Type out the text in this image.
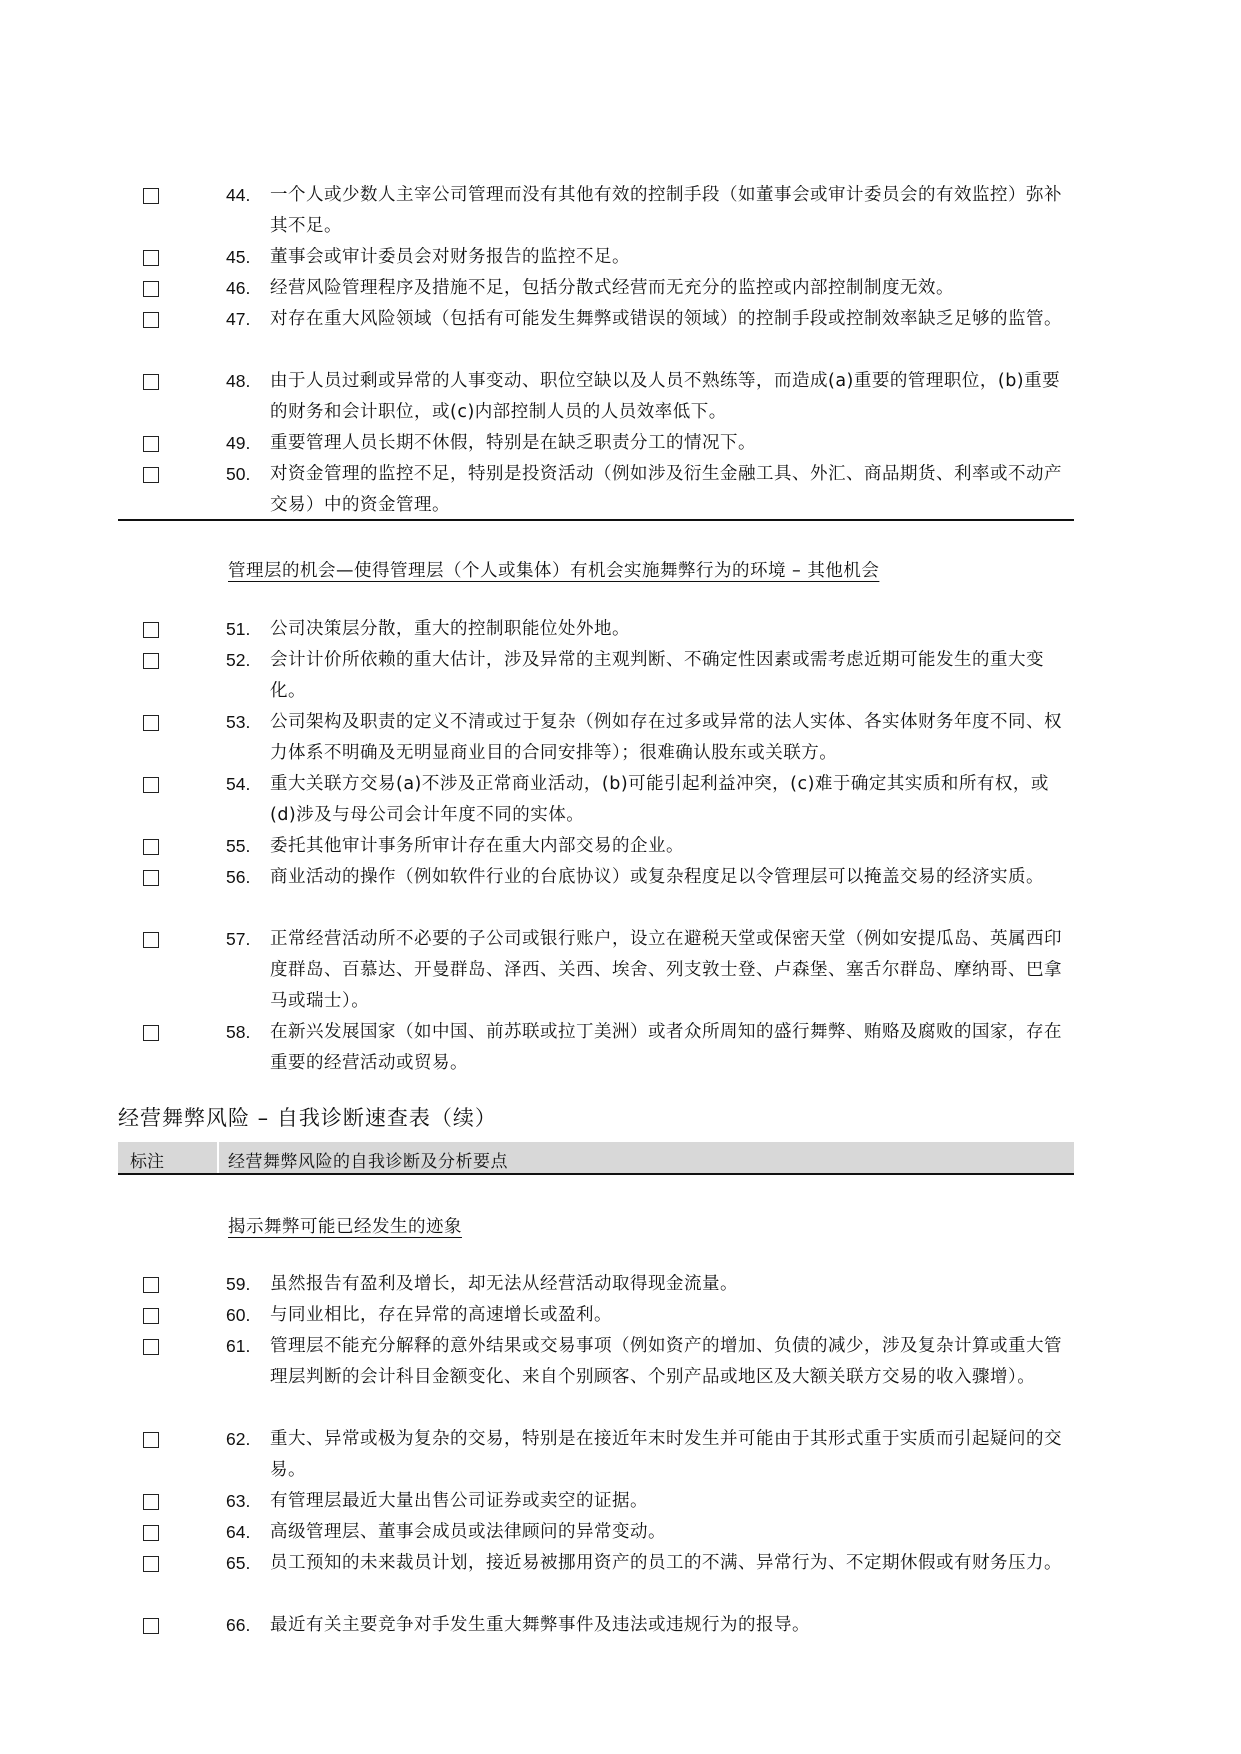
44.	一个人或少数人主宰公司管理而没有其他有效的控制手段（如董事会或审计委员会的有效监控）弥补其不足。
45.	董事会或审计委员会对财务报告的监控不足。
46.	经营风险管理程序及措施不足，包括分散式经营而无充分的监控或内部控制制度无效。
47.	对存在重大风险领域（包括有可能发生舞弊或错误的领域）的控制手段或控制效率缺乏足够的监管。
48.	由于人员过剩或异常的人事变动、职位空缺以及人员不熟练等，而造成(a)重要的管理职位，(b)重要的财务和会计职位，或(c)内部控制人员的人员效率低下。
49.	重要管理人员长期不休假，特别是在缺乏职责分工的情况下。
50.	对资金管理的监控不足，特别是投资活动（例如涉及衍生金融工具、外汇、商品期货、利率或不动产交易）中的资金管理。
管理层的机会—使得管理层（个人或集体）有机会实施舞弊行为的环境 – 其他机会
51.	公司决策层分散，重大的控制职能位处外地。
52.	会计计价所依赖的重大估计，涉及异常的主观判断、不确定性因素或需考虑近期可能发生的重大变化。
53.	公司架构及职责的定义不清或过于复杂（例如存在过多或异常的法人实体、各实体财务年度不同、权力体系不明确及无明显商业目的合同安排等）；很难确认股东或关联方。
54.	重大关联方交易(a)不涉及正常商业活动，(b)可能引起利益冲突，(c)难于确定其实质和所有权，或(d)涉及与母公司会计年度不同的实体。
55.	委托其他审计事务所审计存在重大内部交易的企业。
56.	商业活动的操作（例如软件行业的台底协议）或复杂程度足以令管理层可以掩盖交易的经济实质。
57.	正常经营活动所不必要的子公司或银行账户，设立在避税天堂或保密天堂（例如安提瓜岛、英属西印度群岛、百慕达、开曼群岛、泽西、关西、埃舍、列支敦士登、卢森堡、塞舌尔群岛、摩纳哥、巴拿马或瑞士）。
58.	在新兴发展国家（如中国、前苏联或拉丁美洲）或者众所周知的盛行舞弊、贿赂及腐败的国家，存在重要的经营活动或贸易。
经营舞弊风险 – 自我诊断速查表（续）
标注	经营舞弊风险的自我诊断及分析要点
揭示舞弊可能已经发生的迹象
59.	虽然报告有盈利及增长，却无法从经营活动取得现金流量。
60.	与同业相比，存在异常的高速增长或盈利。
61.	管理层不能充分解释的意外结果或交易事项（例如资产的增加、负债的减少，涉及复杂计算或重大管理层判断的会计科目金额变化、来自个别顾客、个别产品或地区及大额关联方交易的收入骤增）。
62.	重大、异常或极为复杂的交易，特别是在接近年末时发生并可能由于其形式重于实质而引起疑问的交易。
63.	有管理层最近大量出售公司证券或卖空的证据。
64.	高级管理层、董事会成员或法律顾问的异常变动。
65.	员工预知的未来裁员计划，接近易被挪用资产的员工的不满、异常行为、不定期休假或有财务压力。
66.	最近有关主要竞争对手发生重大舞弊事件及违法或违规行为的报导。
